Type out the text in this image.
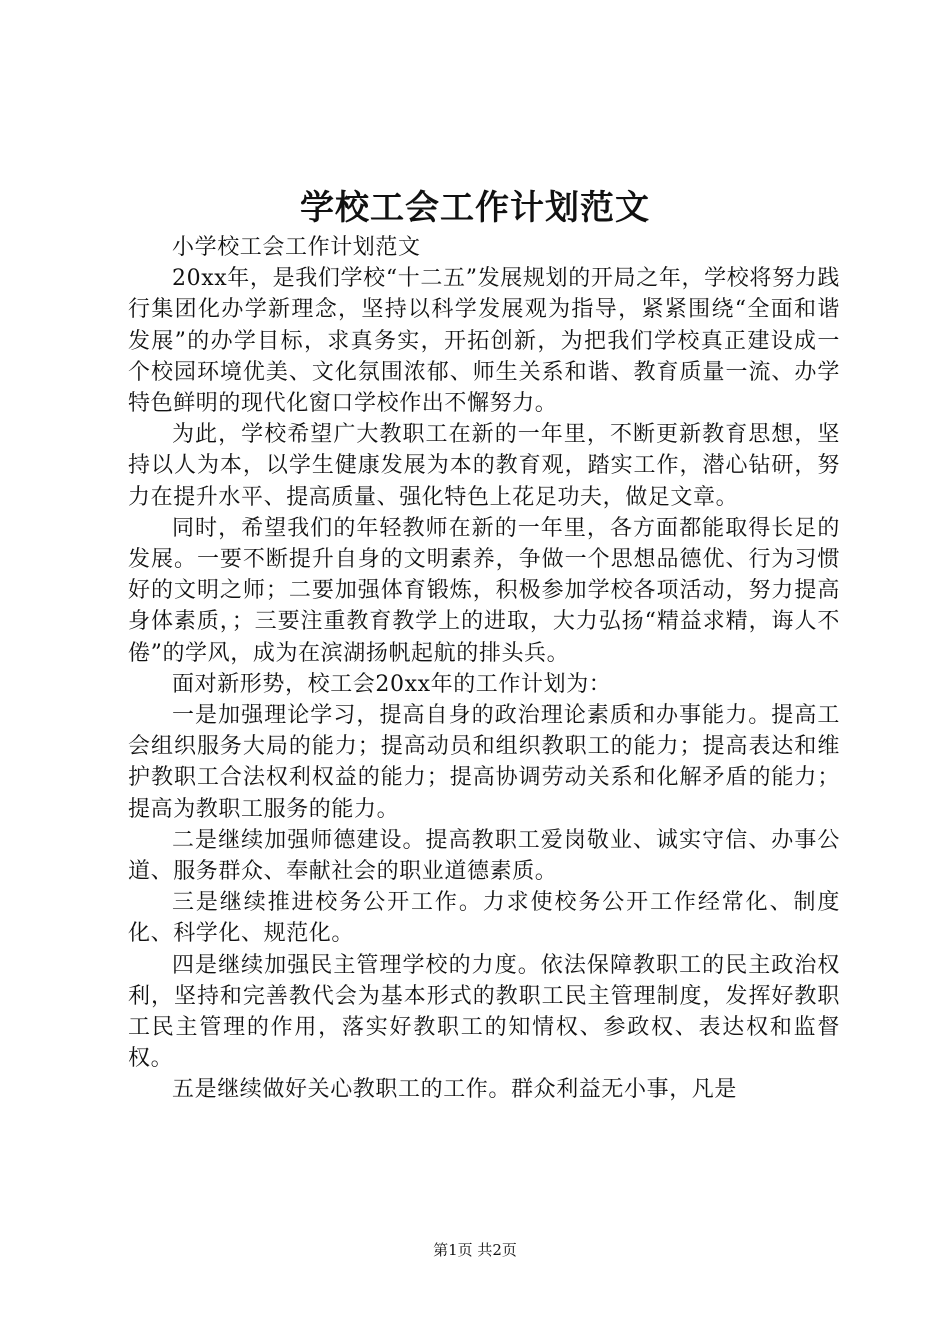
学校工会工作计划范文

小学校工会工作计划范文

20xx年，是我们学校“十二五”发展规划的开局之年，学校将努力践行集团化办学新理念，坚持以科学发展观为指导，紧紧围绕“全面和谐发展”的办学目标，求真务实，开拓创新，为把我们学校真正建设成一个校园环境优美、文化氛围浓郁、师生关系和谐、教育质量一流、办学特色鲜明的现代化窗口学校作出不懈努力。

为此，学校希望广大教职工在新的一年里，不断更新教育思想，坚持以人为本，以学生健康发展为本的教育观，踏实工作，潜心钻研，努力在提升水平、提高质量、强化特色上花足功夫，做足文章。

同时，希望我们的年轻教师在新的一年里，各方面都能取得长足的发展。一要不断提升自身的文明素养，争做一个思想品德优、行为习惯好的文明之师；二要加强体育锻炼，积极参加学校各项活动，努力提高身体素质，；三要注重教育教学上的进取，大力弘扬“精益求精，诲人不倦”的学风，成为在滨湖扬帆起航的排头兵。

面对新形势，校工会20xx年的工作计划为：

一是加强理论学习，提高自身的政治理论素质和办事能力。提高工会组织服务大局的能力；提高动员和组织教职工的能力；提高表达和维护教职工合法权利权益的能力；提高协调劳动关系和化解矛盾的能力；提高为教职工服务的能力。

二是继续加强师德建设。提高教职工爱岗敬业、诚实守信、办事公道、服务群众、奉献社会的职业道德素质。

三是继续推进校务公开工作。力求使校务公开工作经常化、制度化、科学化、规范化。

四是继续加强民主管理学校的力度。依法保障教职工的民主政治权利，坚持和完善教代会为基本形式的教职工民主管理制度，发挥好教职工民主管理的作用，落实好教职工的知情权、参政权、表达权和监督权。

五是继续做好关心教职工的工作。群众利益无小事，凡是

第1页 共2页
